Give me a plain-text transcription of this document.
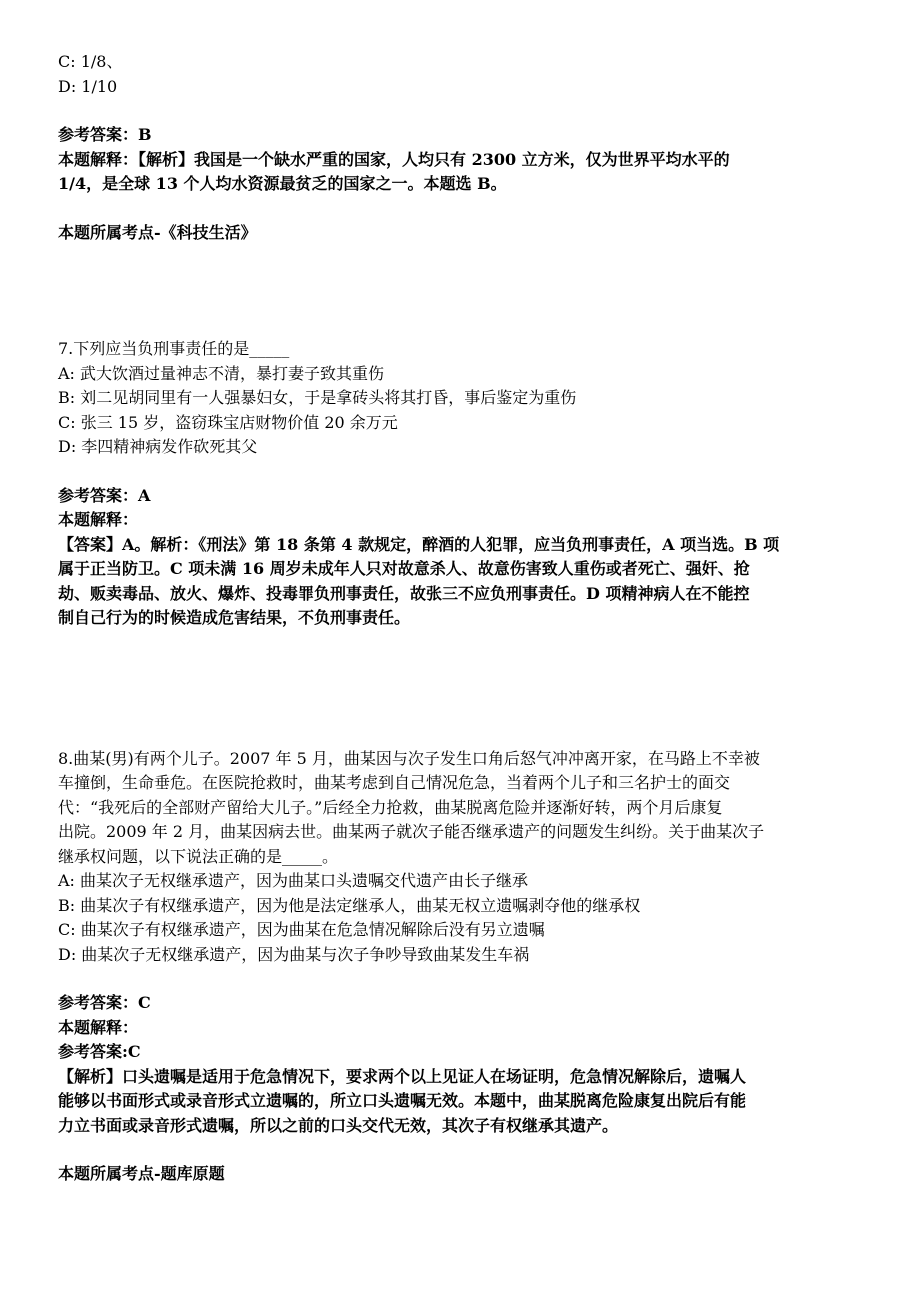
C: 1/8、
D: 1/10
参考答案：B
本题解释：【解析】我国是一个缺水严重的国家，人均只有 2300 立方米，仅为世界平均水平的
1/4，是全球 13 个人均水资源最贫乏的国家之一。本题选 B。
本题所属考点-《科技生活》
7.下列应当负刑事责任的是_____
A: 武大饮酒过量神志不清，暴打妻子致其重伤
B: 刘二见胡同里有一人强暴妇女，于是拿砖头将其打昏，事后鉴定为重伤
C: 张三 15 岁，盗窃珠宝店财物价值 20 余万元
D: 李四精神病发作砍死其父
参考答案：A
本题解释：
【答案】A。解析：《刑法》第 18 条第 4 款规定，醉酒的人犯罪，应当负刑事责任，A 项当选。B 项
属于正当防卫。C 项未满 16 周岁未成年人只对故意杀人、故意伤害致人重伤或者死亡、强奸、抢
劫、贩卖毒品、放火、爆炸、投毒罪负刑事责任，故张三不应负刑事责任。D 项精神病人在不能控
制自己行为的时候造成危害结果，不负刑事责任。
8.曲某(男)有两个儿子。2007 年 5 月，曲某因与次子发生口角后怒气冲冲离开家，在马路上不幸被
车撞倒，生命垂危。在医院抢救时，曲某考虑到自己情况危急，当着两个儿子和三名护士的面交
代：“我死后的全部财产留给大儿子。”后经全力抢救，曲某脱离危险并逐渐好转，两个月后康复
出院。2009 年 2 月，曲某因病去世。曲某两子就次子能否继承遗产的问题发生纠纷。关于曲某次子
继承权问题，以下说法正确的是_____。
A: 曲某次子无权继承遗产，因为曲某口头遗嘱交代遗产由长子继承
B: 曲某次子有权继承遗产，因为他是法定继承人，曲某无权立遗嘱剥夺他的继承权
C: 曲某次子有权继承遗产，因为曲某在危急情况解除后没有另立遗嘱
D: 曲某次子无权继承遗产，因为曲某与次子争吵导致曲某发生车祸
参考答案：C
本题解释：
参考答案:C
【解析】口头遗嘱是适用于危急情况下，要求两个以上见证人在场证明，危急情况解除后，遗嘱人
能够以书面形式或录音形式立遗嘱的，所立口头遗嘱无效。本题中，曲某脱离危险康复出院后有能
力立书面或录音形式遗嘱，所以之前的口头交代无效，其次子有权继承其遗产。
本题所属考点-题库原题
